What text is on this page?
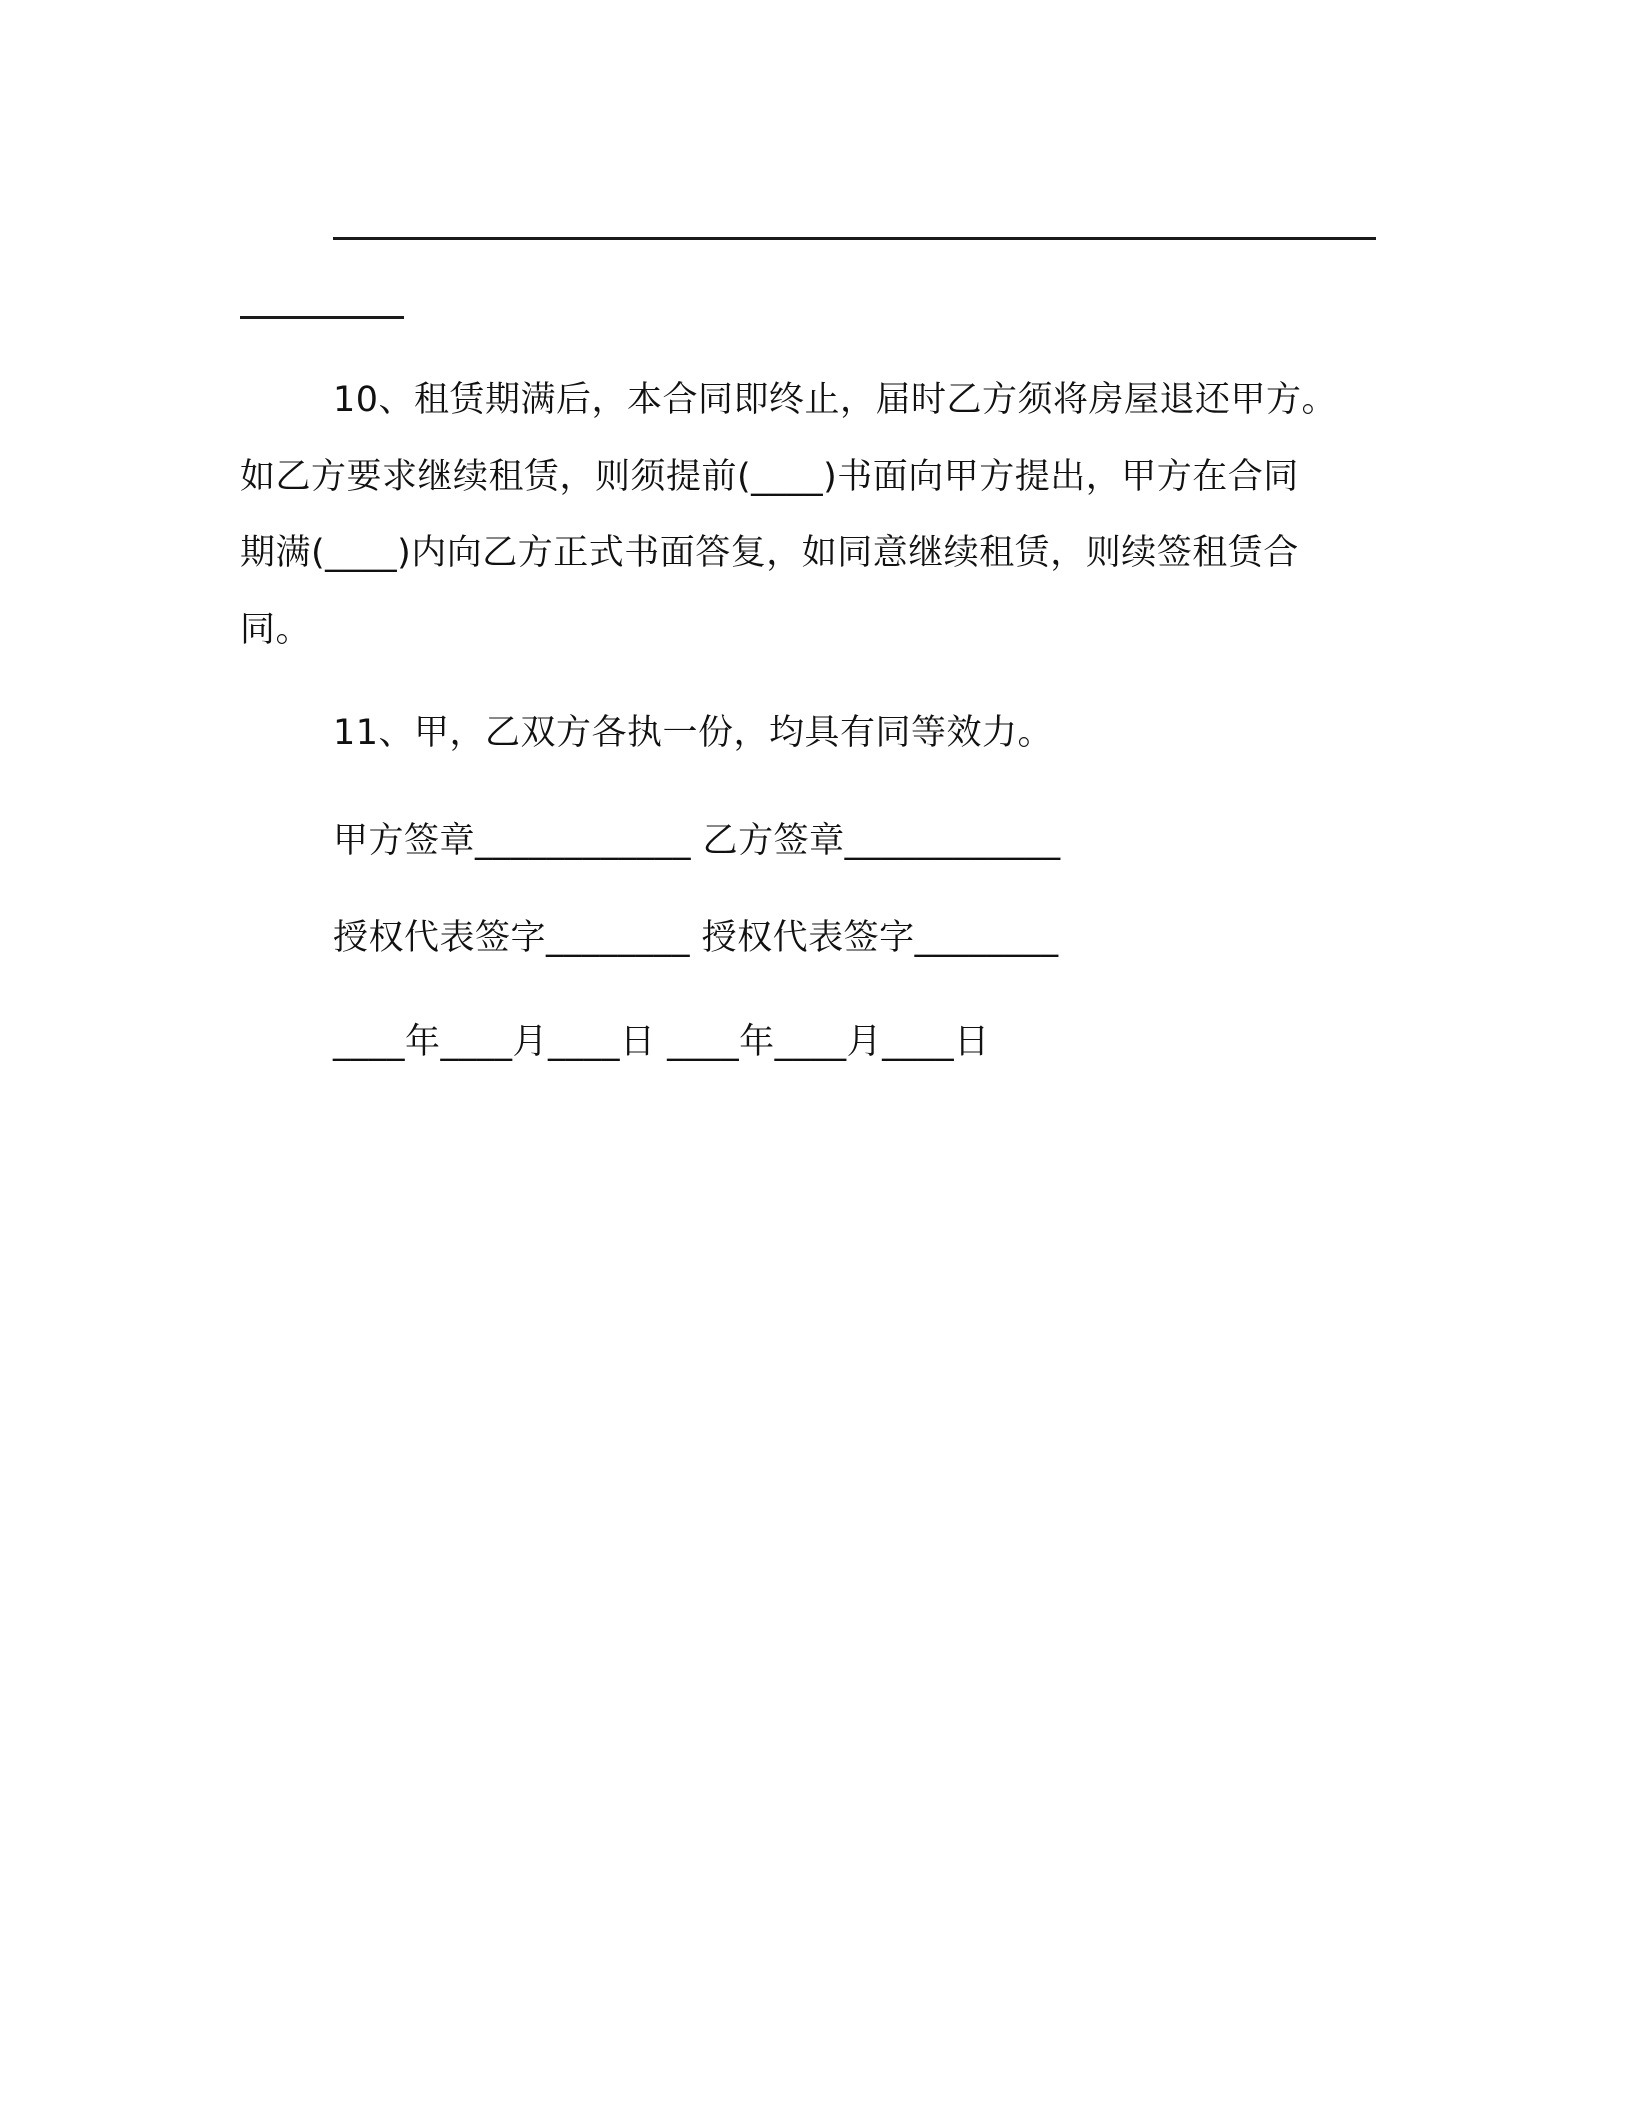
10、租赁期满后，本合同即终止，届时乙方须将房屋退还甲方。
如乙方要求继续租赁，则须提前(____)书面向甲方提出，甲方在合同
期满(____)内向乙方正式书面答复，如同意继续租赁，则续签租赁合
同。
11、甲，乙双方各执一份，均具有同等效力。
甲方签章____________ 乙方签章____________
授权代表签字________ 授权代表签字________
____年____月____日 ____年____月____日
